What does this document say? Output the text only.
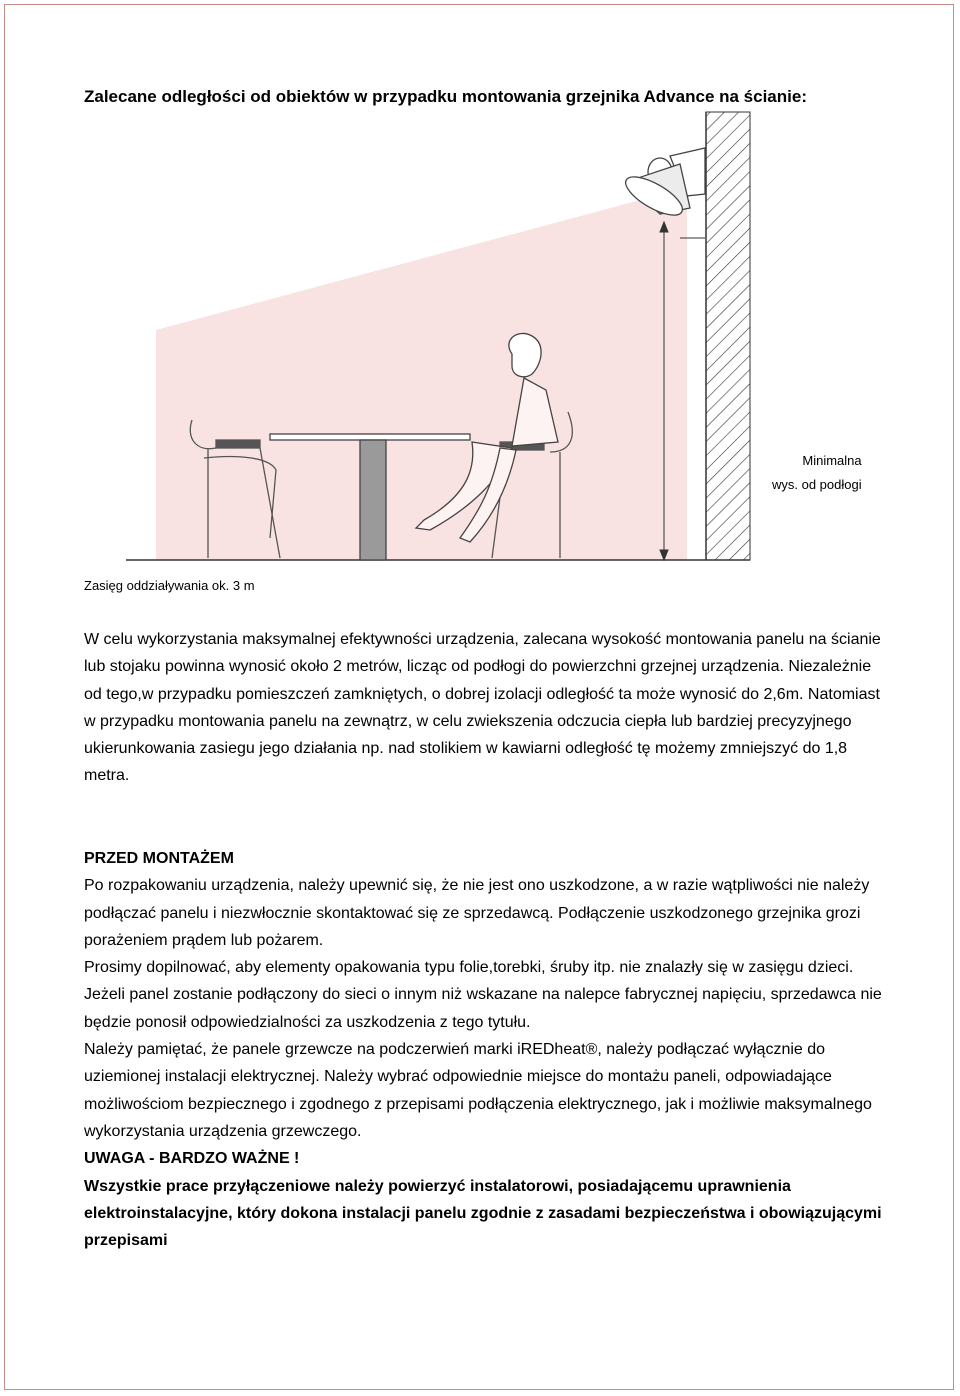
Zalecane odległości od obiektów w przypadku montowania grzejnika Advance na ścianie:
Minimalna
wys. od podłogi
Zasięg oddziaływania ok. 3 m
W celu wykorzystania maksymalnej efektywności urządzenia, zalecana wysokość montowania panelu na ścianie lub stojaku powinna wynosić około 2 metrów, licząc od podłogi do powierzchni grzejnej urządzenia. Niezależnie od tego,w przypadku pomieszczeń zamkniętych, o dobrej izolacji odległość ta może wynosić do 2,6m. Natomiast w przypadku montowania panelu na zewnątrz, w celu zwiekszenia odczucia ciepła lub bardziej precyzyjnego ukierunkowania zasiegu jego działania np. nad stolikiem w kawiarni odległość tę możemy zmniejszyć do 1,8 metra.

PRZED MONTAŻEM

Po rozpakowaniu urządzenia, należy upewnić się, że nie jest ono uszkodzone, a w razie wątpliwości nie należy podłączać panelu i niezwłocznie skontaktować się ze sprzedawcą. Podłączenie uszkodzonego grzejnika grozi porażeniem prądem lub pożarem.

Prosimy dopilnować, aby elementy opakowania typu folie,torebki, śruby itp. nie znalazły się w zasięgu dzieci. Jeżeli panel zostanie podłączony do sieci o innym niż wskazane na nalepce fabrycznej napięciu, sprzedawca nie będzie ponosił odpowiedzialności za uszkodzenia z tego tytułu.

Należy pamiętać, że panele grzewcze na podczerwień marki iREDheat®, należy podłączać wyłącznie do uziemionej instalacji elektrycznej. Należy wybrać odpowiednie miejsce do montażu paneli, odpowiadające możliwościom bezpiecznego i zgodnego z przepisami podłączenia elektrycznego, jak i możliwie maksymalnego wykorzystania urządzenia grzewczego.

UWAGA - BARDZO WAŻNE !

Wszystkie prace przyłączeniowe należy powierzyć instalatorowi, posiadającemu uprawnienia elektroinstalacyjne, który dokona instalacji panelu zgodnie z zasadami bezpieczeństwa i obowiązującymi przepisami
